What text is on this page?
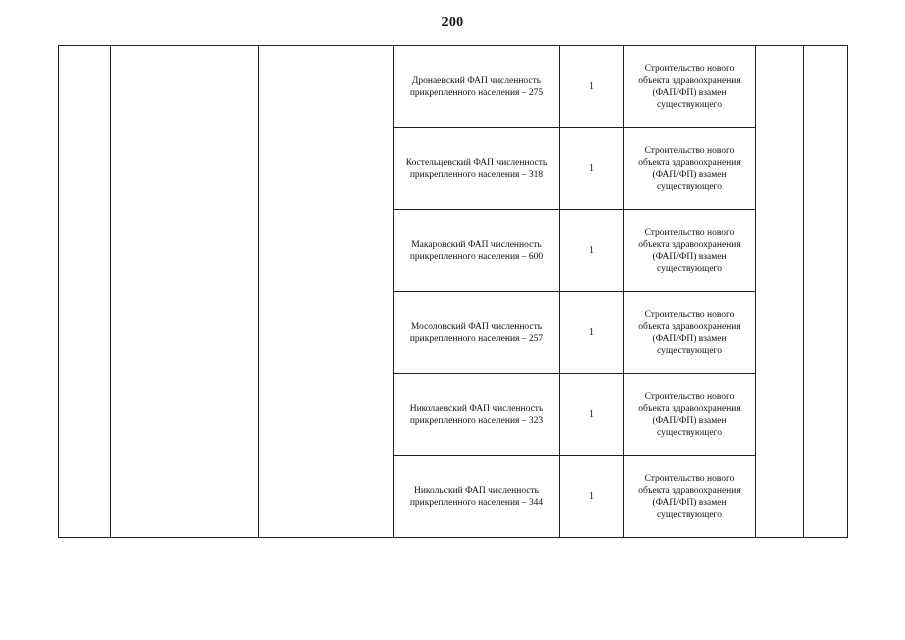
200
			Дронаевский ФАП численность прикрепленного населения – 275	1	Строительство нового объекта здравоохранения (ФАП/ФП) взамен существующего		
			Костельцевский ФАП численность прикрепленного населения – 318	1	Строительство нового объекта здравоохранения (ФАП/ФП) взамен существующего		
			Макаровский ФАП численность прикрепленного населения – 600	1	Строительство нового объекта здравоохранения (ФАП/ФП) взамен существующего		
			Мосоловский ФАП численность прикрепленного населения – 257	1	Строительство нового объекта здравоохранения (ФАП/ФП) взамен существующего		
			Николаевский ФАП численность прикрепленного населения – 323	1	Строительство нового объекта здравоохранения (ФАП/ФП) взамен существующего		
			Никольский ФАП численность прикрепленного населения – 344	1	Строительство нового объекта здравоохранения (ФАП/ФП) взамен существующего		
